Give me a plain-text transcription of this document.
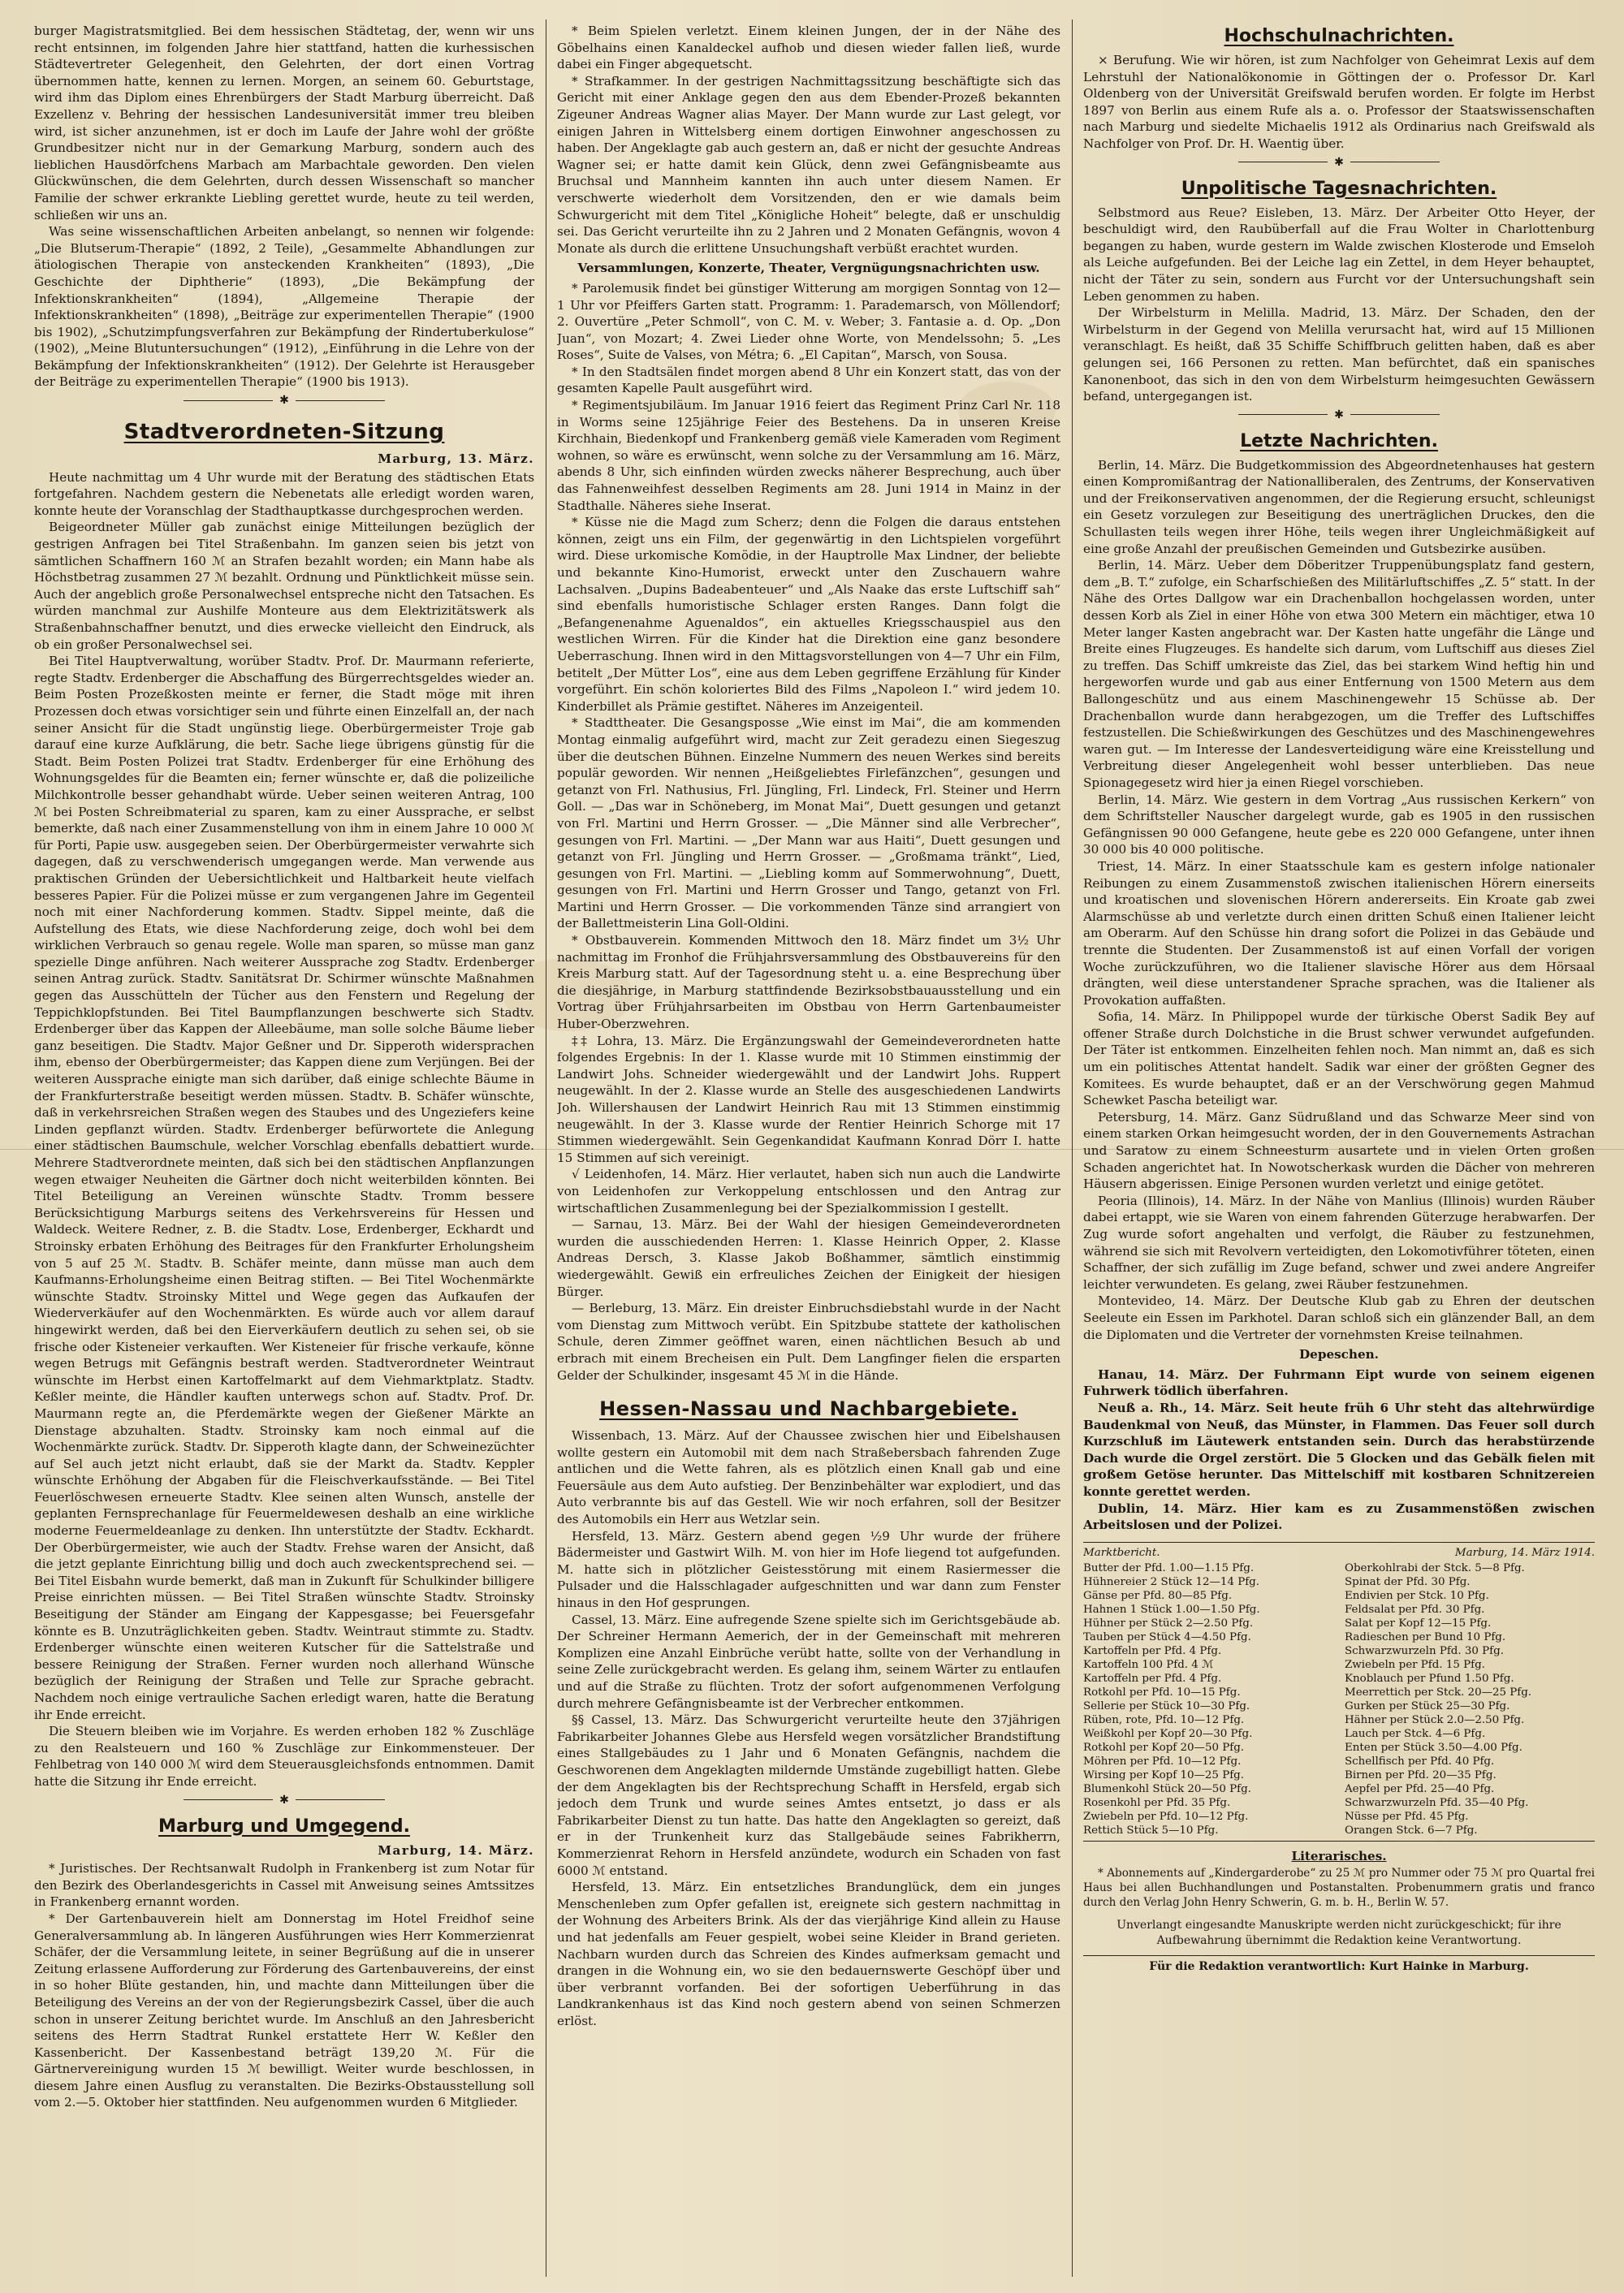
burger Magistratsmitglied. Bei dem hessischen Städtetag, der, wenn wir uns recht entsinnen, im folgenden Jahre hier stattfand, hatten die kurhessischen Städtevertreter Gelegenheit, den Gelehrten, der dort einen Vortrag übernommen hatte, kennen zu lernen. Morgen, an seinem 60. Geburtstage, wird ihm das Diplom eines Ehrenbürgers der Stadt Marburg überreicht. Daß Exzellenz v. Behring der hessischen Landesuniversität immer treu bleiben wird, ist sicher anzunehmen, ist er doch im Laufe der Jahre wohl der größte Grundbesitzer nicht nur in der Gemarkung Marburg, sondern auch des lieblichen Hausdörfchens Marbach am Marbachtale geworden. Den vielen Glückwünschen, die dem Gelehrten, durch dessen Wissenschaft so mancher Familie der schwer erkrankte Liebling gerettet wurde, heute zu teil werden, schließen wir uns an.

Was seine wissenschaftlichen Arbeiten anbelangt, so nennen wir folgende: „Die Blutserum-Therapie“ (1892, 2 Teile), „Gesammelte Abhandlungen zur ätiologischen Therapie von ansteckenden Krankheiten“ (1893), „Die Geschichte der Diphtherie“ (1893), „Die Bekämpfung der Infektionskrankheiten“ (1894), „Allgemeine Therapie der Infektionskrankheiten“ (1898), „Beiträge zur experimentellen Therapie“ (1900 bis 1902), „Schutzimpfungsverfahren zur Bekämpfung der Rindertuberkulose“ (1902), „Meine Blutuntersuchungen“ (1912), „Einführung in die Lehre von der Bekämpfung der Infektionskrankheiten“ (1912). Der Gelehrte ist Herausgeber der Beiträge zu experimentellen Therapie“ (1900 bis 1913).

✱
Stadtverordneten-Sitzung
Marburg, 13. März.

Heute nachmittag um 4 Uhr wurde mit der Beratung des städtischen Etats fortgefahren. Nachdem gestern die Nebenetats alle erledigt worden waren, konnte heute der Voranschlag der Stadthauptkasse durchgesprochen werden.

Beigeordneter Müller gab zunächst einige Mitteilungen bezüglich der gestrigen Anfragen bei Titel Straßenbahn. Im ganzen seien bis jetzt von sämtlichen Schaffnern 160 ℳ an Strafen bezahlt worden; ein Mann habe als Höchstbetrag zusammen 27 ℳ bezahlt. Ordnung und Pünktlichkeit müsse sein. Auch der angeblich große Personalwechsel entspreche nicht den Tatsachen. Es würden manchmal zur Aushilfe Monteure aus dem Elektrizitätswerk als Straßenbahnschaffner benutzt, und dies erwecke vielleicht den Eindruck, als ob ein großer Personalwechsel sei.

Bei Titel Hauptverwaltung, worüber Stadtv. Prof. Dr. Maurmann referierte, regte Stadtv. Erdenberger die Abschaffung des Bürgerrechtsgeldes wieder an. Beim Posten Prozeßkosten meinte er ferner, die Stadt möge mit ihren Prozessen doch etwas vorsichtiger sein und führte einen Einzelfall an, der nach seiner Ansicht für die Stadt ungünstig liege. Oberbürgermeister Troje gab darauf eine kurze Aufklärung, die betr. Sache liege übrigens günstig für die Stadt. Beim Posten Polizei trat Stadtv. Erdenberger für eine Erhöhung des Wohnungsgeldes für die Beamten ein; ferner wünschte er, daß die polizeiliche Milchkontrolle besser gehandhabt würde. Ueber seinen weiteren Antrag, 100 ℳ bei Posten Schreibmaterial zu sparen, kam zu einer Aussprache, er selbst bemerkte, daß nach einer Zusammenstellung von ihm in einem Jahre 10 000 ℳ für Porti, Papie usw. ausgegeben seien. Der Oberbürgermeister verwahrte sich dagegen, daß zu verschwenderisch umgegangen werde. Man verwende aus praktischen Gründen der Uebersichtlichkeit und Haltbarkeit heute vielfach besseres Papier. Für die Polizei müsse er zum vergangenen Jahre im Gegenteil noch mit einer Nachforderung kommen. Stadtv. Sippel meinte, daß die Aufstellung des Etats, wie diese Nachforderung zeige, doch wohl bei dem wirklichen Verbrauch so genau regele. Wolle man sparen, so müsse man ganz spezielle Dinge anführen. Nach weiterer Aussprache zog Stadtv. Erdenberger seinen Antrag zurück. Stadtv. Sanitätsrat Dr. Schirmer wünschte Maßnahmen gegen das Ausschütteln der Tücher aus den Fenstern und Regelung der Teppichklopfstunden. Bei Titel Baumpflanzungen beschwerte sich Stadtv. Erdenberger über das Kappen der Alleebäume, man solle solche Bäume lieber ganz beseitigen. Die Stadtv. Major Geßner und Dr. Sipperoth widersprachen ihm, ebenso der Oberbürgermeister; das Kappen diene zum Verjüngen. Bei der weiteren Aussprache einigte man sich darüber, daß einige schlechte Bäume in der Frankfurterstraße beseitigt werden müssen. Stadtv. B. Schäfer wünschte, daß in verkehrsreichen Straßen wegen des Staubes und des Ungeziefers keine Linden gepflanzt würden. Stadtv. Erdenberger befürwortete die Anlegung einer städtischen Baumschule, welcher Vorschlag ebenfalls debattiert wurde. Mehrere Stadtverordnete meinten, daß sich bei den städtischen Anpflanzungen wegen etwaiger Neuheiten die Gärtner doch nicht weiterbilden könnten. Bei Titel Beteiligung an Vereinen wünschte Stadtv. Tromm bessere Berücksichtigung Marburgs seitens des Verkehrsvereins für Hessen und Waldeck. Weitere Redner, z. B. die Stadtv. Lose, Erdenberger, Eckhardt und Stroinsky erbaten Erhöhung des Beitrages für den Frankfurter Erholungsheim von 5 auf 25 ℳ. Stadtv. B. Schäfer meinte, dann müsse man auch dem Kaufmanns-Erholungsheime einen Beitrag stiften. — Bei Titel Wochenmärkte wünschte Stadtv. Stroinsky Mittel und Wege gegen das Aufkaufen der Wiederverkäufer auf den Wochenmärkten. Es würde auch vor allem darauf hingewirkt werden, daß bei den Eierverkäufern deutlich zu sehen sei, ob sie frische oder Kisteneier verkauften. Wer Kisteneier für frische verkaufe, könne wegen Betrugs mit Gefängnis bestraft werden. Stadtverordneter Weintraut wünschte im Herbst einen Kartoffelmarkt auf dem Viehmarktplatz. Stadtv. Keßler meinte, die Händler kauften unterwegs schon auf. Stadtv. Prof. Dr. Maurmann regte an, die Pferdemärkte wegen der Gießener Märkte an Dienstage abzuhalten. Stadtv. Stroinsky kam noch einmal auf die Wochenmärkte zurück. Stadtv. Dr. Sipperoth klagte dann, der Schweinezüchter auf Sel auch jetzt nicht erlaubt, daß sie der Markt da. Stadtv. Keppler wünschte Erhöhung der Abgaben für die Fleischverkaufsstände. — Bei Titel Feuerlöschwesen erneuerte Stadtv. Klee seinen alten Wunsch, anstelle der geplanten Fernsprechanlage für Feuermeldewesen deshalb an eine wirkliche moderne Feuermeldeanlage zu denken. Ihn unterstützte der Stadtv. Eckhardt. Der Oberbürgermeister, wie auch der Stadtv. Frehse waren der Ansicht, daß die jetzt geplante Einrichtung billig und doch auch zweckentsprechend sei. — Bei Titel Eisbahn wurde bemerkt, daß man in Zukunft für Schulkinder billigere Preise einrichten müssen. — Bei Titel Straßen wünschte Stadtv. Stroinsky Beseitigung der Ständer am Eingang der Kappesgasse; bei Feuersgefahr könnte es B. Unzuträglichkeiten geben. Stadtv. Weintraut stimmte zu. Stadtv. Erdenberger wünschte einen weiteren Kutscher für die Sattelstraße und bessere Reinigung der Straßen. Ferner wurden noch allerhand Wünsche bezüglich der Reinigung der Straßen und Telle zur Sprache gebracht. Nachdem noch einige vertrauliche Sachen erledigt waren, hatte die Beratung ihr Ende erreicht.

Die Steuern bleiben wie im Vorjahre. Es werden erhoben 182 % Zuschläge zu den Realsteuern und 160 % Zuschläge zur Einkommensteuer. Der Fehlbetrag von 140 000 ℳ wird dem Steuerausgleichsfonds entnommen. Damit hatte die Sitzung ihr Ende erreicht.

✱
Marburg und Umgegend.
Marburg, 14. März.

* Juristisches. Der Rechtsanwalt Rudolph in Frankenberg ist zum Notar für den Bezirk des Oberlandesgerichts in Cassel mit Anweisung seines Amtssitzes in Frankenberg ernannt worden.

* Der Gartenbauverein hielt am Donnerstag im Hotel Freidhof seine Generalversammlung ab. In längeren Ausführungen wies Herr Kommerzienrat Schäfer, der die Versammlung leitete, in seiner Begrüßung auf die in unserer Zeitung erlassene Aufforderung zur Förderung des Gartenbauvereins, der einst in so hoher Blüte gestanden, hin, und machte dann Mitteilungen über die Beteiligung des Vereins an der von der Regierungsbezirk Cassel, über die auch schon in unserer Zeitung berichtet wurde. Im Anschluß an den Jahresbericht seitens des Herrn Stadtrat Runkel erstattete Herr W. Keßler den Kassenbericht. Der Kassenbestand beträgt 139,20 ℳ. Für die Gärtnervereinigung wurden 15 ℳ bewilligt. Weiter wurde beschlossen, in diesem Jahre einen Ausflug zu veranstalten. Die Bezirks-Obstausstellung soll vom 2.—5. Oktober hier stattfinden. Neu aufgenommen wurden 6 Mitglieder.

* Beim Spielen verletzt. Einem kleinen Jungen, der in der Nähe des Göbelhains einen Kanaldeckel aufhob und diesen wieder fallen ließ, wurde dabei ein Finger abgequetscht.

* Strafkammer. In der gestrigen Nachmittagssitzung beschäftigte sich das Gericht mit einer Anklage gegen den aus dem Ebender-Prozeß bekannten Zigeuner Andreas Wagner alias Mayer. Der Mann wurde zur Last gelegt, vor einigen Jahren in Wittelsberg einem dortigen Einwohner angeschossen zu haben. Der Angeklagte gab auch gestern an, daß er nicht der gesuchte Andreas Wagner sei; er hatte damit kein Glück, denn zwei Gefängnisbeamte aus Bruchsal und Mannheim kannten ihn auch unter diesem Namen. Er verschwerte wiederholt dem Vorsitzenden, den er wie damals beim Schwurgericht mit dem Titel „Königliche Hoheit“ belegte, daß er unschuldig sei. Das Gericht verurteilte ihn zu 2 Jahren und 2 Monaten Gefängnis, wovon 4 Monate als durch die erlittene Unsuchungshaft verbüßt erachtet wurden.

Versammlungen, Konzerte, Theater, Vergnügungsnachrichten usw.

* Parolemusik findet bei günstiger Witterung am morgigen Sonntag von 12—1 Uhr vor Pfeiffers Garten statt. Programm: 1. Parademarsch, von Möllendorf; 2. Ouvertüre „Peter Schmoll“, von C. M. v. Weber; 3. Fantasie a. d. Op. „Don Juan“, von Mozart; 4. Zwei Lieder ohne Worte, von Mendelssohn; 5. „Les Roses“, Suite de Valses, von Métra; 6. „El Capitan“, Marsch, von Sousa.

* In den Stadtsälen findet morgen abend 8 Uhr ein Konzert statt, das von der gesamten Kapelle Pault ausgeführt wird.

* Regimentsjubiläum. Im Januar 1916 feiert das Regiment Prinz Carl Nr. 118 in Worms seine 125jährige Feier des Bestehens. Da in unseren Kreise Kirchhain, Biedenkopf und Frankenberg gemäß viele Kameraden vom Regiment wohnen, so wäre es erwünscht, wenn solche zu der Versammlung am 16. März, abends 8 Uhr, sich einfinden würden zwecks näherer Besprechung, auch über das Fahnenweihfest desselben Regiments am 28. Juni 1914 in Mainz in der Stadthalle. Näheres siehe Inserat.

* Küsse nie die Magd zum Scherz; denn die Folgen die daraus entstehen können, zeigt uns ein Film, der gegenwärtig in den Lichtspielen vorgeführt wird. Diese urkomische Komödie, in der Hauptrolle Max Lindner, der beliebte und bekannte Kino-Humorist, erweckt unter den Zuschauern wahre Lachsalven. „Dupins Badeabenteuer“ und „Als Naake das erste Luftschiff sah“ sind ebenfalls humoristische Schlager ersten Ranges. Dann folgt die „Befangenenahme Aguenaldos“, ein aktuelles Kriegsschauspiel aus den westlichen Wirren. Für die Kinder hat die Direktion eine ganz besondere Ueberraschung. Ihnen wird in den Mittagsvorstellungen von 4—7 Uhr ein Film, betitelt „Der Mütter Los“, eine aus dem Leben gegriffene Erzählung für Kinder vorgeführt. Ein schön koloriertes Bild des Films „Napoleon I.“ wird jedem 10. Kinderbillet als Prämie gestiftet. Näheres im Anzeigenteil.

* Stadttheater. Die Gesangsposse „Wie einst im Mai“, die am kommenden Montag einmalig aufgeführt wird, macht zur Zeit geradezu einen Siegeszug über die deutschen Bühnen. Einzelne Nummern des neuen Werkes sind bereits populär geworden. Wir nennen „Heißgeliebtes Firlefänzchen“, gesungen und getanzt von Frl. Nathusius, Frl. Jüngling, Frl. Lindeck, Frl. Steiner und Herrn Goll. — „Das war in Schöneberg, im Monat Mai“, Duett gesungen und getanzt von Frl. Martini und Herrn Grosser. — „Die Männer sind alle Verbrecher“, gesungen von Frl. Martini. — „Der Mann war aus Haiti“, Duett gesungen und getanzt von Frl. Jüngling und Herrn Grosser. — „Großmama tränkt“, Lied, gesungen von Frl. Martini. — „Liebling komm auf Sommerwohnung“, Duett, gesungen von Frl. Martini und Herrn Grosser und Tango, getanzt von Frl. Martini und Herrn Grosser. — Die vorkommenden Tänze sind arrangiert von der Ballettmeisterin Lina Goll-Oldini.

* Obstbauverein. Kommenden Mittwoch den 18. März findet um 3½ Uhr nachmittag im Fronhof die Frühjahrsversammlung des Obstbauvereins für den Kreis Marburg statt. Auf der Tagesordnung steht u. a. eine Besprechung über die diesjährige, in Marburg stattfindende Bezirksobstbauausstellung und ein Vortrag über Frühjahrsarbeiten im Obstbau von Herrn Gartenbaumeister Huber-Oberzwehren.

‡‡ Lohra, 13. März. Die Ergänzungswahl der Gemeindeverordneten hatte folgendes Ergebnis: In der 1. Klasse wurde mit 10 Stimmen einstimmig der Landwirt Johs. Schneider wiedergewählt und der Landwirt Johs. Ruppert neugewählt. In der 2. Klasse wurde an Stelle des ausgeschiedenen Landwirts Joh. Willershausen der Landwirt Heinrich Rau mit 13 Stimmen einstimmig neugewählt. In der 3. Klasse wurde der Rentier Heinrich Schorge mit 17 Stimmen wiedergewählt. Sein Gegenkandidat Kaufmann Konrad Dörr I. hatte 15 Stimmen auf sich vereinigt.

√ Leidenhofen, 14. März. Hier verlautet, haben sich nun auch die Landwirte von Leidenhofen zur Verkoppelung entschlossen und den Antrag zur wirtschaftlichen Zusammenlegung bei der Spezialkommission I gestellt.

— Sarnau, 13. März. Bei der Wahl der hiesigen Gemeindeverordneten wurden die ausschiedenden Herren: 1. Klasse Heinrich Opper, 2. Klasse Andreas Dersch, 3. Klasse Jakob Boßhammer, sämtlich einstimmig wiedergewählt. Gewiß ein erfreuliches Zeichen der Einigkeit der hiesigen Bürger.

— Berleburg, 13. März. Ein dreister Einbruchsdiebstahl wurde in der Nacht vom Dienstag zum Mittwoch verübt. Ein Spitzbube stattete der katholischen Schule, deren Zimmer geöffnet waren, einen nächtlichen Besuch ab und erbrach mit einem Brecheisen ein Pult. Dem Langfinger fielen die ersparten Gelder der Schulkinder, insgesamt 45 ℳ in die Hände.

Hessen-Nassau und Nachbargebiete.

Wissenbach, 13. März. Auf der Chaussee zwischen hier und Eibelshausen wollte gestern ein Automobil mit dem nach Straßebersbach fahrenden Zuge antlichen und die Wette fahren, als es plötzlich einen Knall gab und eine Feuersäule aus dem Auto aufstieg. Der Benzinbehälter war explodiert, und das Auto verbrannte bis auf das Gestell. Wie wir noch erfahren, soll der Besitzer des Automobils ein Herr aus Wetzlar sein.

Hersfeld, 13. März. Gestern abend gegen ½9 Uhr wurde der frühere Bädermeister und Gastwirt Wilh. M. von hier im Hofe liegend tot aufgefunden. M. hatte sich in plötzlicher Geistesstörung mit einem Rasiermesser die Pulsader und die Halsschlagader aufgeschnitten und war dann zum Fenster hinaus in den Hof gesprungen.

Cassel, 13. März. Eine aufregende Szene spielte sich im Gerichtsgebäude ab. Der Schreiner Hermann Aemerich, der in der Gemeinschaft mit mehreren Komplizen eine Anzahl Einbrüche verübt hatte, sollte von der Verhandlung in seine Zelle zurückgebracht werden. Es gelang ihm, seinem Wärter zu entlaufen und auf die Straße zu flüchten. Trotz der sofort aufgenommenen Verfolgung durch mehrere Gefängnisbeamte ist der Verbrecher entkommen.

§§ Cassel, 13. März. Das Schwurgericht verurteilte heute den 37jährigen Fabrikarbeiter Johannes Glebe aus Hersfeld wegen vorsätzlicher Brandstiftung eines Stallgebäudes zu 1 Jahr und 6 Monaten Gefängnis, nachdem die Geschworenen dem Angeklagten mildernde Umstände zugebilligt hatten. Glebe der dem Angeklagten bis der Rechtsprechung Schafft in Hersfeld, ergab sich jedoch dem Trunk und wurde seines Amtes entsetzt, jo dass er als Fabrikarbeiter Dienst zu tun hatte. Das hatte den Angeklagten so gereizt, daß er in der Trunkenheit kurz das Stallgebäude seines Fabrikherrn, Kommerzienrat Rehorn in Hersfeld anzündete, wodurch ein Schaden von fast 6000 ℳ entstand.

Hersfeld, 13. März. Ein entsetzliches Brandunglück, dem ein junges Menschenleben zum Opfer gefallen ist, ereignete sich gestern nachmittag in der Wohnung des Arbeiters Brink. Als der das vierjährige Kind allein zu Hause und hat jedenfalls am Feuer gespielt, wobei seine Kleider in Brand gerieten. Nachbarn wurden durch das Schreien des Kindes aufmerksam gemacht und drangen in die Wohnung ein, wo sie den bedauernswerte Geschöpf über und über verbrannt vorfanden. Bei der sofortigen Ueberführung in das Landkrankenhaus ist das Kind noch gestern abend von seinen Schmerzen erlöst.

Hochschulnachrichten.

× Berufung. Wie wir hören, ist zum Nachfolger von Geheimrat Lexis auf dem Lehrstuhl der Nationalökonomie in Göttingen der o. Professor Dr. Karl Oldenberg von der Universität Greifswald berufen worden. Er folgte im Herbst 1897 von Berlin aus einem Rufe als a. o. Professor der Staatswissenschaften nach Marburg und siedelte Michaelis 1912 als Ordinarius nach Greifswald als Nachfolger von Prof. Dr. H. Waentig über.

✱
Unpolitische Tagesnachrichten.

Selbstmord aus Reue? Eisleben, 13. März. Der Arbeiter Otto Heyer, der beschuldigt wird, den Raubüberfall auf die Frau Wolter in Charlottenburg begangen zu haben, wurde gestern im Walde zwischen Klosterode und Emseloh als Leiche aufgefunden. Bei der Leiche lag ein Zettel, in dem Heyer behauptet, nicht der Täter zu sein, sondern aus Furcht vor der Untersuchungshaft sein Leben genommen zu haben.

Der Wirbelsturm in Melilla. Madrid, 13. März. Der Schaden, den der Wirbelsturm in der Gegend von Melilla verursacht hat, wird auf 15 Millionen veranschlagt. Es heißt, daß 35 Schiffe Schiffbruch gelitten haben, daß es aber gelungen sei, 166 Personen zu retten. Man befürchtet, daß ein spanisches Kanonenboot, das sich in den von dem Wirbelsturm heimgesuchten Gewässern befand, untergegangen ist.

✱
Letzte Nachrichten.

Berlin, 14. März. Die Budgetkommission des Abgeordnetenhauses hat gestern einen Kompromißantrag der Nationalliberalen, des Zentrums, der Konservativen und der Freikonservativen angenommen, der die Regierung ersucht, schleunigst ein Gesetz vorzulegen zur Beseitigung des unerträglichen Druckes, den die Schullasten teils wegen ihrer Höhe, teils wegen ihrer Ungleichmäßigkeit auf eine große Anzahl der preußischen Gemeinden und Gutsbezirke ausüben.

Berlin, 14. März. Ueber dem Döberitzer Truppenübungsplatz fand gestern, dem „B. T.“ zufolge, ein Scharfschießen des Militärluftschiffes „Z. 5“ statt. In der Nähe des Ortes Dallgow war ein Drachenballon hochgelassen worden, unter dessen Korb als Ziel in einer Höhe von etwa 300 Metern ein mächtiger, etwa 10 Meter langer Kasten angebracht war. Der Kasten hatte ungefähr die Länge und Breite eines Flugzeuges. Es handelte sich darum, vom Luftschiff aus dieses Ziel zu treffen. Das Schiff umkreiste das Ziel, das bei starkem Wind heftig hin und hergeworfen wurde und gab aus einer Entfernung von 1500 Metern aus dem Ballongeschütz und aus einem Maschinengewehr 15 Schüsse ab. Der Drachenballon wurde dann herabgezogen, um die Treffer des Luftschiffes festzustellen. Die Schießwirkungen des Geschützes und des Maschinengewehres waren gut. — Im Interesse der Landesverteidigung wäre eine Kreisstellung und Verbreitung dieser Angelegenheit wohl besser unterblieben. Das neue Spionagegesetz wird hier ja einen Riegel vorschieben.

Berlin, 14. März. Wie gestern in dem Vortrag „Aus russischen Kerkern“ von dem Schriftsteller Nauscher dargelegt wurde, gab es 1905 in den russischen Gefängnissen 90 000 Gefangene, heute gebe es 220 000 Gefangene, unter ihnen 30 000 bis 40 000 politische.

Triest, 14. März. In einer Staatsschule kam es gestern infolge nationaler Reibungen zu einem Zusammenstoß zwischen italienischen Hörern einerseits und kroatischen und slovenischen Hörern andererseits. Ein Kroate gab zwei Alarmschüsse ab und verletzte durch einen dritten Schuß einen Italiener leicht am Oberarm. Auf den Schüsse hin drang sofort die Polizei in das Gebäude und trennte die Studenten. Der Zusammenstoß ist auf einen Vorfall der vorigen Woche zurückzuführen, wo die Italiener slavische Hörer aus dem Hörsaal drängten, weil diese unterstandener Sprache sprachen, was die Italiener als Provokation auffaßten.

Sofia, 14. März. In Philippopel wurde der türkische Oberst Sadik Bey auf offener Straße durch Dolchstiche in die Brust schwer verwundet aufgefunden. Der Täter ist entkommen. Einzelheiten fehlen noch. Man nimmt an, daß es sich um ein politisches Attentat handelt. Sadik war einer der größten Gegner des Komitees. Es wurde behauptet, daß er an der Verschwörung gegen Mahmud Schewket Pascha beteiligt war.

Petersburg, 14. März. Ganz Südrußland und das Schwarze Meer sind von einem starken Orkan heimgesucht worden, der in den Gouvernements Astrachan und Saratow zu einem Schneesturm ausartete und in vielen Orten großen Schaden angerichtet hat. In Nowotscherkask wurden die Dächer von mehreren Häusern abgerissen. Einige Personen wurden verletzt und einige getötet.

Peoria (Illinois), 14. März. In der Nähe von Manlius (Illinois) wurden Räuber dabei ertappt, wie sie Waren von einem fahrenden Güterzuge herabwarfen. Der Zug wurde sofort angehalten und verfolgt, die Räuber zu festzunehmen, während sie sich mit Revolvern verteidigten, den Lokomotivführer töteten, einen Schaffner, der sich zufällig im Zuge befand, schwer und zwei andere Angreifer leichter verwundeten. Es gelang, zwei Räuber festzunehmen.

Montevideo, 14. März. Der Deutsche Klub gab zu Ehren der deutschen Seeleute ein Essen im Parkhotel. Daran schloß sich ein glänzender Ball, an dem die Diplomaten und die Vertreter der vornehmsten Kreise teilnahmen.

Depeschen.

Hanau, 14. März. Der Fuhrmann Eipt wurde von seinem eigenen Fuhrwerk tödlich überfahren.

Neuß a. Rh., 14. März. Seit heute früh 6 Uhr steht das altehrwürdige Baudenkmal von Neuß, das Münster, in Flammen. Das Feuer soll durch Kurzschluß im Läutewerk entstanden sein. Durch das herabstürzende Dach wurde die Orgel zerstört. Die 5 Glocken und das Gebälk fielen mit großem Getöse herunter. Das Mittelschiff mit kostbaren Schnitzereien konnte gerettet werden.

Dublin, 14. März. Hier kam es zu Zusammenstößen zwischen Arbeitslosen und der Polizei.

Marktbericht.	Marburg, 14. März 1914.
Butter der Pfd. 1.00—1.15 Pfg.
Hühnereier 2 Stück 12—14 Pfg.
Gänse per Pfd. 80—85 Pfg.
Hahnen 1 Stück 1.00—1.50 Pfg.
Hühner per Stück 2—2.50 Pfg.
Tauben per Stück 4—4.50 Pfg.
Kartoffeln per Pfd. 4 Pfg.
Kartoffeln 100 Pfd. 4 ℳ
Kartoffeln per Pfd. 4 Pfg.
Rotkohl per Pfd. 10—15 Pfg.
Sellerie per Stück 10—30 Pfg.
Rüben, rote, Pfd. 10—12 Pfg.
Weißkohl per Kopf 20—30 Pfg.
Rotkohl per Kopf 20—50 Pfg.
Möhren per Pfd. 10—12 Pfg.
Wirsing per Kopf 10—25 Pfg.
Blumenkohl Stück 20—50 Pfg.
Rosenkohl per Pfd. 35 Pfg.
Zwiebeln per Pfd. 10—12 Pfg.
Rettich Stück 5—10 Pfg.
Oberkohlrabi der Stck. 5—8 Pfg.
Spinat der Pfd. 30 Pfg.
Endivien per Stck. 10 Pfg.
Feldsalat per Pfd. 30 Pfg.
Salat per Kopf 12—15 Pfg.
Radieschen per Bund 10 Pfg.
Schwarzwurzeln Pfd. 30 Pfg.
Zwiebeln per Pfd. 15 Pfg.
Knoblauch per Pfund 1.50 Pfg.
Meerrettich per Stck. 20—25 Pfg.
Gurken per Stück 25—30 Pfg.
Hähner per Stück 2.0—2.50 Pfg.
Lauch per Stck. 4—6 Pfg.
Enten per Stück 3.50—4.00 Pfg.
Schellfisch per Pfd. 40 Pfg.
Birnen per Pfd. 20—35 Pfg.
Aepfel per Pfd. 25—40 Pfg.
Schwarzwurzeln Pfd. 35—40 Pfg.
Nüsse per Pfd. 45 Pfg.
Orangen Stck. 6—7 Pfg.
Literarisches.

* Abonnements auf „Kindergarderobe“ zu 25 ℳ pro Nummer oder 75 ℳ pro Quartal frei Haus bei allen Buchhandlungen und Postanstalten. Probenummern gratis und franco durch den Verlag John Henry Schwerin, G. m. b. H., Berlin W. 57.

Unverlangt eingesandte Manuskripte werden nicht zurückgeschickt; für ihre Aufbewahrung übernimmt die Redaktion keine Verantwortung.
Für die Redaktion verantwortlich: Kurt Hainke in Marburg.
